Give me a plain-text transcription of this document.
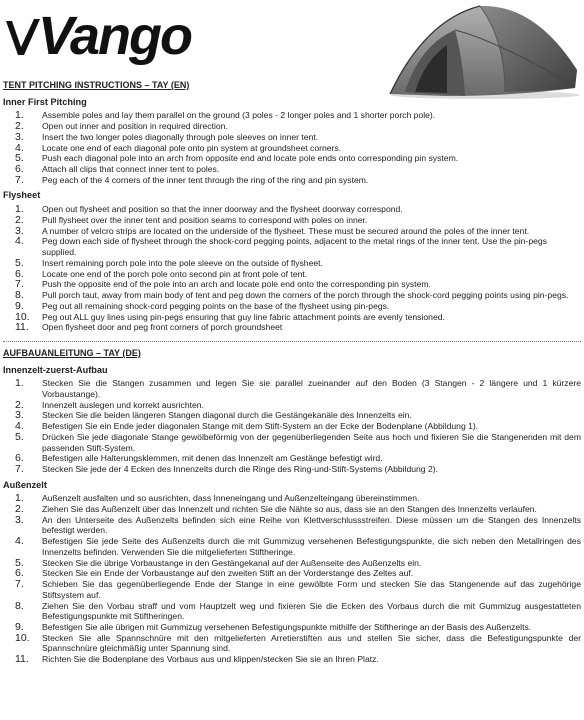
Vango
TENT PITCHING INSTRUCTIONS – TAY (EN)
Inner First Pitching
1.	Assemble poles and lay them parallel on the ground (3 poles - 2 longer poles and 1 shorter porch pole).
2.	Open out inner and position in required direction.
3.	Insert the two longer poles diagonally through pole sleeves on inner tent.
4.	Locate one end of each diagonal pole onto pin system at groundsheet corners.
5.	Push each diagonal pole into an arch from opposite end and locate pole ends onto corresponding pin system.
6.	Attach all clips that connect inner tent to poles.
7.	Peg each of the 4 corners of the inner tent through the ring of the ring and pin system.
Flysheet
1.	Open out flysheet and position so that the inner doorway and the flysheet doorway correspond.
2.	Pull flysheet over the inner tent and position seams to correspond with poles on inner.
3.	A number of velcro strips are located on the underside of the flysheet. These must be secured around the poles of the inner tent.
4.	Peg down each side of flysheet through the shock-cord pegging points, adjacent to the metal rings of the inner tent. Use the pin-pegs supplied.
5.	Insert remaining porch pole into the pole sleeve on the outside of flysheet.
6.	Locate one end of the porch pole onto second pin at front pole of tent.
7.	Push the opposite end of the pole into an arch and locate pole end onto the corresponding pin system.
8.	Pull porch taut, away from main body of tent and peg down the corners of the porch through the shock-cord pegging points using pin-pegs.
9.	Peg out all remaining shock-cord pegging points on the base of the flysheet using pin-pegs.
10.	Peg out ALL guy lines using pin-pegs ensuring that guy line fabric attachment points are evenly tensioned.
11.	Open flysheet door and peg front corners of porch groundsheet
AUFBAUANLEITUNG – TAY (DE)
Innenzelt-zuerst-Aufbau
1.	Stecken Sie die Stangen zusammen und legen Sie sie parallel zueinander auf den Boden (3 Stangen - 2 längere und 1 kürzere Vorbaustange).
2.	Innenzelt auslegen und korrekt ausrichten.
3.	Stecken Sie die beiden längeren Stangen diagonal durch die Gestängekanäle des Innenzelts ein.
4.	Befestigen Sie ein Ende jeder diagonalen Stange mit dem Stift-System an der Ecke der Bodenplane (Abbildung 1).
5.	Drücken Sie jede diagonale Stange gewölbeförmig von der gegenüberliegenden Seite aus hoch und fixieren Sie die Stangenenden mit dem passenden Stift-System.
6.	Befestigen alle Halterungsklemmen, mit denen das Innenzelt am Gestänge befestigt wird.
7.	Stecken Sie jede der 4 Ecken des Innenzelts durch die Ringe des Ring-und-Stift-Systems (Abbildung 2).
Außenzelt
1.	Außenzelt ausfalten und so ausrichten, dass Inneneingang und Außenzelteingang übereinstimmen.
2.	Ziehen Sie das Außenzelt über das Innenzelt und richten Sie die Nähte so aus, dass sie an den Stangen des Innenzelts verlaufen.
3.	An den Unterseite des Außenzelts befinden sich eine Reihe von Klettverschlussstreifen. Diese müssen um die Stangen des Innenzelts befestigt werden.
4.	Befestigen Sie jede Seite des Außenzelts durch die mit Gummizug versehenen Befestigungspunkte, die sich neben den Metallringen des Innenzelts befinden. Verwenden Sie die mitgelieferten Stiftheringe.
5.	Stecken Sie die übrige Vorbaustange in den Gestängekanal auf der Außenseite des Außenzelts ein.
6.	Stecken Sie ein Ende der Vorbaustange auf den zweiten Stift an der Vorderstange des Zeltes auf.
7.	Schieben Sie das gegenüberliegende Ende der Stange in eine gewölbte Form und stecken Sie das Stangenende auf das zugehörige Stiftsystem auf.
8.	Ziehen Sie den Vorbau straff und vom Hauptzelt weg und fixieren Sie die Ecken des Vorbaus durch die mit Gummizug ausgestatteten Befestigungspunkte mit Stiftheringen.
9.	Befestigen Sie alle übrigen mit Gummizug versehenen Befestigungspunkte mithilfe der Stiftheringe an der Basis des Außenzelts.
10.	Stecken Sie alle Spannschnüre mit den mitgelieferten Arretierstiften aus und stellen Sie sicher, dass die Befestigungspunkte der Spannschnüre gleichmäßig unter Spannung sind.
11.	Richten Sie die Bodenplane des Vorbaus aus und klippen/stecken Sie sie an Ihren Platz.
